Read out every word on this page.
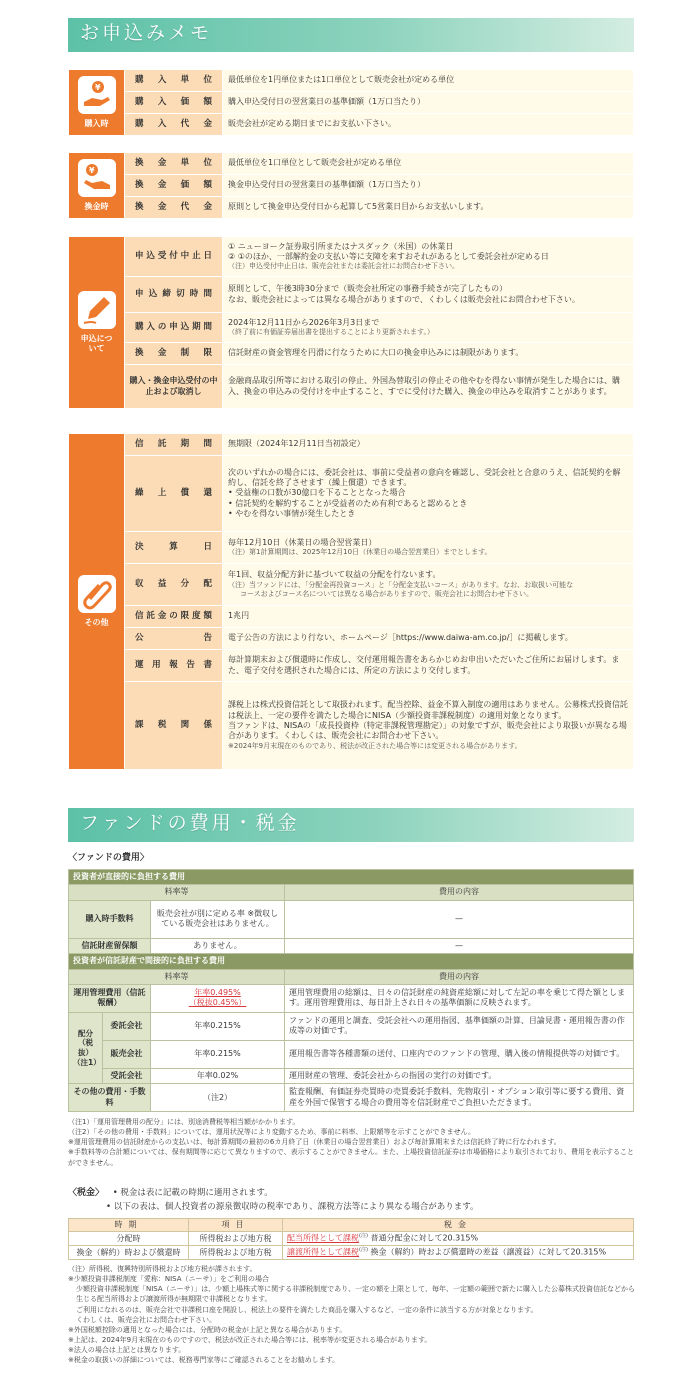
お申込みメモ
¥
購入時	購入単位	最低単位を1円単位または1口単位として販売会社が定める単位
	購入価額	購入申込受付日の翌営業日の基準価額（1万口当たり）
	購入代金	販売会社が定める期日までにお支払い下さい。
¥
換金時	換金単位	最低単位を1口単位として販売会社が定める単位
	換金価額	換金申込受付日の翌営業日の基準価額（1万口当たり）
	換金代金	原則として換金申込受付日から起算して5営業日目からお支払いします。
申込について	申込受付中止日	① ニューヨーク証券取引所またはナスダック（米国）の休業日
② ①のほか、一部解約金の支払い等に支障を来すおそれがあるとして委託会社が定める日
（注）申込受付中止日は、販売会社または委託会社にお問合わせ下さい。

	申込締切時間	原則として、午後3時30分まで（販売会社所定の事務手続きが完了したもの）
なお、販売会社によっては異なる場合がありますので、くわしくは販売会社にお問合わせ下さい。

	購入の申込期間	2024年12月11日から2026年3月3日まで
（終了前に有価証券届出書を提出することにより更新されます。）

	換金制限	信託財産の資金管理を円滑に行なうために大口の換金申込みには制限があります。
	購入・換金申込受付の中止および取消し	金融商品取引所等における取引の停止、外国為替取引の停止その他やむを得ない事情が発生した場合には、購入、換金の申込みの受付けを中止すること、すでに受付けた購入、換金の申込みを取消すことがあります。
その他	信託期間	無期限（2024年12月11日当初設定）
	繰上償還	次のいずれかの場合には、委託会社は、事前に受益者の意向を確認し、受託会社と合意のうえ、信託契約を解約し、信託を終了させます（繰上償還）できます。
• 受益権の口数が30億口を下ることとなった場合
• 信託契約を解約することが受益者のため有利であると認めるとき
• やむを得ない事情が発生したとき

	決算日	毎年12月10日（休業日の場合翌営業日）
（注）第1計算期間は、2025年12月10日（休業日の場合翌営業日）までとします。

	収益分配	年1回、収益分配方針に基づいて収益の分配を行ないます。
（注）当ファンドには、「分配金再投資コース」と「分配金支払いコース」があります。なお、お取扱い可能な
コースおよびコース名については異なる場合がありますので、販売会社にお問合わせ下さい。

	信託金の限度額	1兆円
	公告	電子公告の方法により行ない、ホームページ［https://www.daiwa-am.co.jp/］に掲載します。
	運用報告書	毎計算期末および償還時に作成し、交付運用報告書をあらかじめお申出いただいたご住所にお届けします。また、電子交付を選択された場合には、所定の方法により交付します。
	課税関係	課税上は株式投資信託として取扱われます。配当控除、益金不算入制度の適用はありません。公募株式投資信託は税法上、一定の要件を満たした場合にNISA（少額投資非課税制度）の適用対象となります。
当ファンドは、NISAの「成長投資枠（特定非課税管理勘定）」の対象ですが、販売会社により取扱いが異なる場合があります。くわしくは、販売会社にお問合わせ下さい。
※2024年9月末現在のものであり、税法が改正された場合等には変更される場合があります。
ファンドの費用・税金
〈ファンドの費用〉
投資者が直接的に負担する費用			
料率等			費用の内容
購入時手数料		販売会社が別に定める率 ※徴収している販売会社はありません。	—
信託財産留保額		ありません。	—
投資者が信託財産で間接的に負担する費用			
料率等			費用の内容
運用管理費用（信託報酬）		年率0.495%
（税抜0.45%）	運用管理費用の総額は、日々の信託財産の純資産総額に対して左記の率を乗じて得た額とします。運用管理費用は、毎日計上され日々の基準価額に反映されます。
配分（税抜）（注1）	委託会社	年率0.215%	ファンドの運用と調査、受託会社への運用指図、基準価額の計算、目論見書・運用報告書の作成等の対価です。
	販売会社	年率0.215%	運用報告書等各種書類の送付、口座内でのファンドの管理、購入後の情報提供等の対価です。
	受託会社	年率0.02%	運用財産の管理、委託会社からの指図の実行の対価です。
その他の費用・手数料		（注2）	監査報酬、有価証券売買時の売買委託手数料、先物取引・オプション取引等に要する費用、資産を外国で保管する場合の費用等を信託財産でご負担いただきます。
（注1）「運用管理費用の配分」には、別途消費税等相当額がかかります。
（注2）「その他の費用・手数料」については、運用状況等により変動するため、事前に料率、上限額等を示すことができません。
※運用管理費用の信託財産からの支払いは、毎計算期間の最初の6カ月終了日（休業日の場合翌営業日）および毎計算期末または信託終了時に行なわれます。
※手数料等の合計額については、保有期間等に応じて異なりますので、表示することができません。また、上場投資信託証券は市場価格により取引されており、費用を表示することができません。
〈税金〉 • 税金は表に記載の時期に適用されます。
• 以下の表は、個人投資者の源泉徴収時の税率であり、課税方法等により異なる場合があります。
時期	項目	税金
分配時	所得税および地方税	配当所得として課税$^{(注)}$ 普通分配金に対して20.315%
換金（解約）時および償還時	所得税および地方税	譲渡所得として課税$^{(注)}$ 換金（解約）時および償還時の差益（譲渡益）に対して20.315%
（注）所得税、復興特別所得税および地方税が課されます。
※少額投資非課税制度「愛称：NISA（ニーサ）」をご利用の場合
少額投資非課税制度「NISA（ニーサ）」は、少額上場株式等に関する非課税制度であり、一定の額を上限として、毎年、一定額の範囲で新たに購入した公募株式投資信託などから生じる配当所得および譲渡所得が無期限で非課税となります。
ご利用になれるのは、販売会社で非課税口座を開設し、税法上の要件を満たした商品を購入するなど、一定の条件に該当する方が対象となります。
くわしくは、販売会社にお問合わせ下さい。
※外国税額控除の適用となった場合には、分配時の税金が上記と異なる場合があります。
※上記は、2024年9月末現在のものですので、税法が改正された場合等には、税率等が変更される場合があります。
※法人の場合は上記とは異なります。
※税金の取扱いの詳細については、税務専門家等にご確認されることをお勧めします。
